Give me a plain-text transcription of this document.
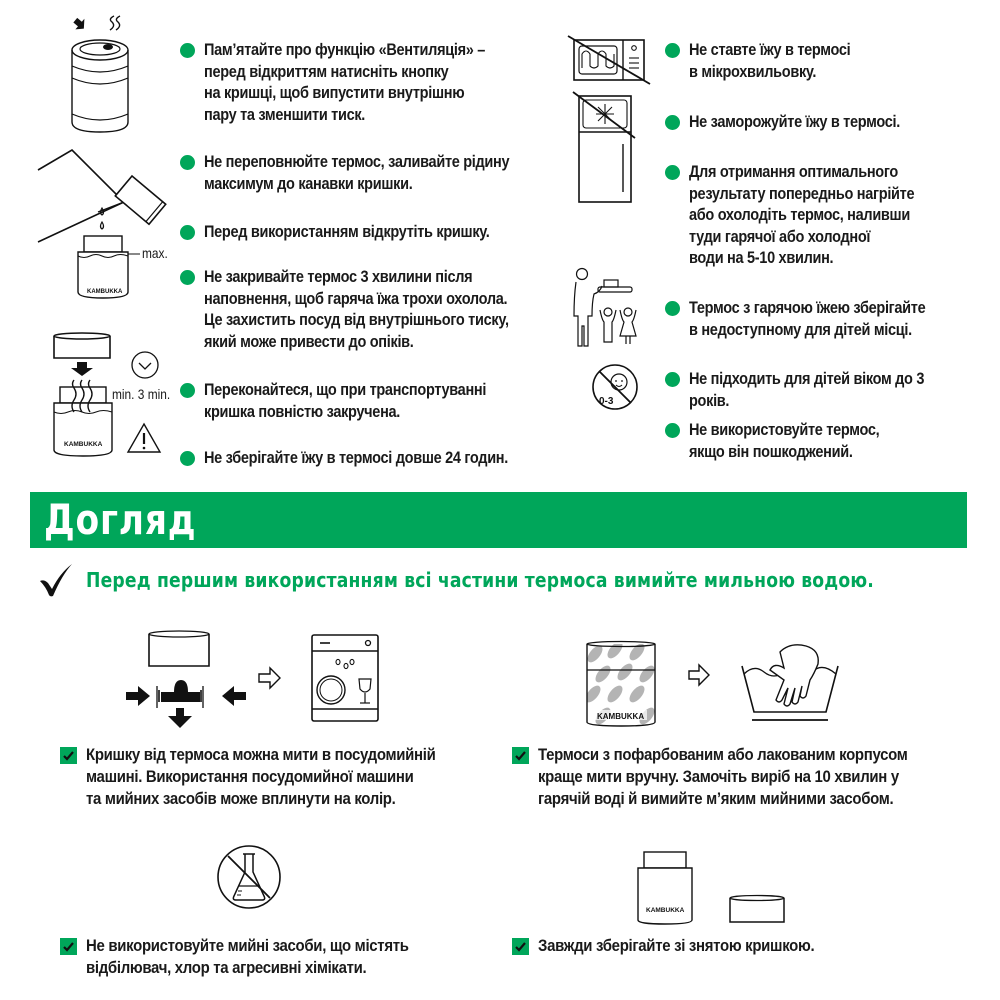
KAMBUKKA
max.
KAMBUKKA
min. 3 min.
Пам’ятайте про функцію «Вентиляція» –
перед відкриттям натисніть кнопку
на кришці, щоб випустити внутрішню
пару та зменшити тиск.
Не переповнюйте термос, заливайте рідину
максимум до канавки кришки.
Перед використанням відкрутіть кришку.
Не закривайте термос 3 хвилини після
наповнення, щоб гаряча їжа трохи охолола.
Це захистить посуд від внутрішнього тиску,
який може привести до опіків.
Переконайтеся, що при транспортуванні
кришка повністю закручена.
Не зберігайте їжу в термосі довше 24 годин.
0-3
Не ставте їжу в термосі
в мікрохвильовку.
Не заморожуйте їжу в термосі.
Для отримання оптимального
результату попередньо нагрійте
або охолодіть термос, наливши
туди гарячої або холодної
води на 5-10 хвилин.
Термос з гарячою їжею зберігайте
в недоступному для дітей місці.
Не підходить для дітей віком до 3 років.
Не використовуйте термос,
якщо він пошкоджений.
Догляд
Перед першим використанням всі частини термоса вимийте мильною водою.
KAMBUKKA
KAMBUKKA
Кришку від термоса можна мити в посудомийній
машині. Використання посудомийної машини
та мийних засобів може вплинути на колір.
Термоси з пофарбованим або лакованим корпусом
краще мити вручну. Замочіть виріб на 10 хвилин у
гарячій воді й вимийте м’яким мийними засобом.
Не використовуйте мийні засоби, що містять
відбілювач, хлор та агресивні хімікати.
Завжди зберігайте зі знятою кришкою.
